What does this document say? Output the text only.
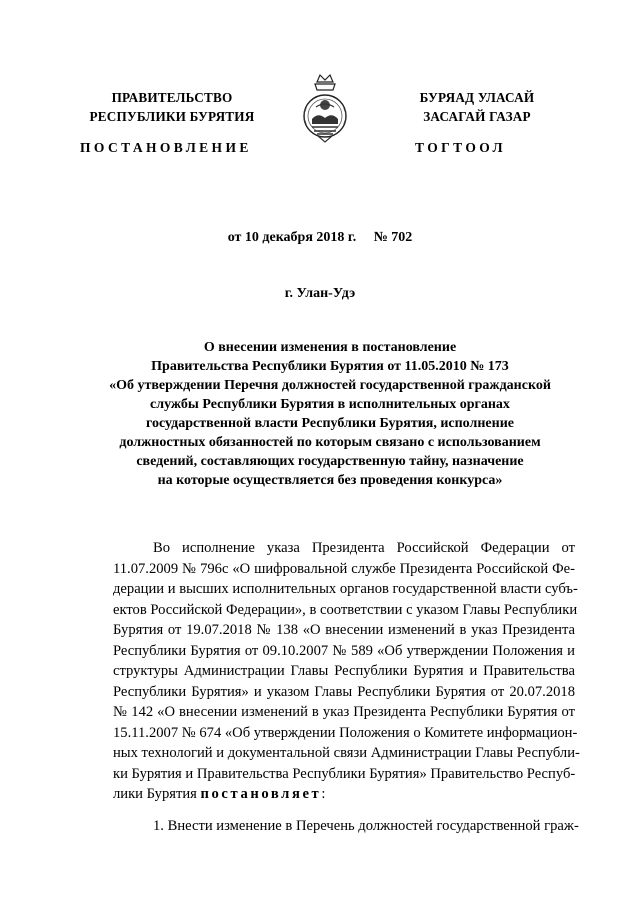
ПРАВИТЕЛЬСТВО
РЕСПУБЛИКИ БУРЯТИЯ
БУРЯАД УЛАСАЙ
ЗАСАГАЙ ГАЗАР
ПОСТАНОВЛЕНИЕ	ТОГТООЛ
от 10 декабря 2018 г.     № 702
г. Улан-Удэ
О внесении изменения в постановление
Правительства Республики Бурятия от 11.05.2010 № 173
«Об утверждении Перечня должностей государственной гражданской
службы Республики Бурятия в исполнительных органах
государственной власти Республики Бурятия, исполнение
должностных обязанностей по которым связано с использованием
сведений, составляющих государственную тайну, назначение
на которые осуществляется без проведения конкурса»
Во исполнение указа Президента Российской Федерации от
11.07.2009 № 796с «О шифровальной службе Президента Российской Фе-
дерации и высших исполнительных органов государственной власти субъ-
ектов Российской Федерации», в соответствии с указом Главы Республики
Бурятия от 19.07.2018 № 138 «О внесении изменений в указ Президента
Республики Бурятия от 09.10.2007 № 589 «Об утверждении Положения и
структуры Администрации Главы Республики Бурятия и Правительства
Республики Бурятия» и указом Главы Республики Бурятия от 20.07.2018
№ 142 «О внесении изменений в указ Президента Республики Бурятия от
15.11.2007 № 674 «Об утверждении Положения о Комитете информацион-
ных технологий и документальной связи Администрации Главы Республи-
ки Бурятия и Правительства Республики Бурятия» Правительство Респуб-
лики Бурятия постановляет:
1. Внести изменение в Перечень должностей государственной граж-
